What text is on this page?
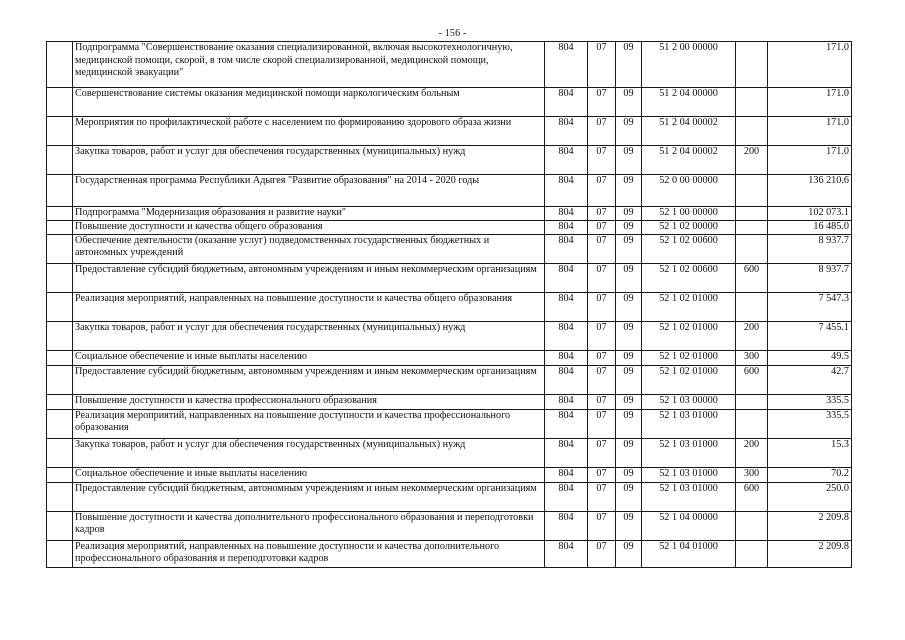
- 156 -
	Подпрограмма "Совершенствование оказания специализированной, включая высокотехнологичную, медицинской помощи, скорой, в том числе скорой специализированной, медицинской помощи, медицинской эвакуации"	804	07	09	51 2 00 00000		171.0
	Совершенствование системы оказания медицинской помощи наркологическим больным	804	07	09	51 2 04 00000		171.0
	Мероприятия по профилактической работе с населением по формированию здорового образа жизни	804	07	09	51 2 04 00002		171.0
	Закупка товаров, работ и услуг для обеспечения государственных (муниципальных) нужд	804	07	09	51 2 04 00002	200	171.0
	Государственная программа Республики Адыгея "Развитие образования" на 2014 - 2020 годы	804	07	09	52 0 00 00000		136 210.6
	Подпрограмма "Модернизация образования и развитие науки"	804	07	09	52 1 00 00000		102 073.1
	Повышение доступности и качества общего образования	804	07	09	52 1 02 00000		16 485.0
	Обеспечение деятельности (оказание услуг) подведомственных государственных бюджетных и автономных учреждений	804	07	09	52 1 02 00600		8 937.7
	Предоставление субсидий бюджетным, автономным учреждениям и иным некоммерческим организациям	804	07	09	52 1 02 00600	600	8 937.7
	Реализация мероприятий, направленных на повышение доступности и качества общего образования	804	07	09	52 1 02 01000		7 547.3
	Закупка товаров, работ и услуг для обеспечения государственных (муниципальных) нужд	804	07	09	52 1 02 01000	200	7 455.1
	Социальное обеспечение и иные выплаты населению	804	07	09	52 1 02 01000	300	49.5
	Предоставление субсидий бюджетным, автономным учреждениям и иным некоммерческим организациям	804	07	09	52 1 02 01000	600	42.7
	Повышение доступности и качества профессионального образования	804	07	09	52 1 03 00000		335.5
	Реализация мероприятий, направленных на повышение доступности и качества профессионального образования	804	07	09	52 1 03 01000		335.5
	Закупка товаров, работ и услуг для обеспечения государственных (муниципальных) нужд	804	07	09	52 1 03 01000	200	15.3
	Социальное обеспечение и иные выплаты населению	804	07	09	52 1 03 01000	300	70.2
	Предоставление субсидий бюджетным, автономным учреждениям и иным некоммерческим организациям	804	07	09	52 1 03 01000	600	250.0
	Повышение доступности и качества дополнительного профессионального образования и переподготовки кадров	804	07	09	52 1 04 00000		2 209.8
	Реализация мероприятий, направленных на повышение доступности и качества дополнительного профессионального образования и переподготовки кадров	804	07	09	52 1 04 01000		2 209.8
